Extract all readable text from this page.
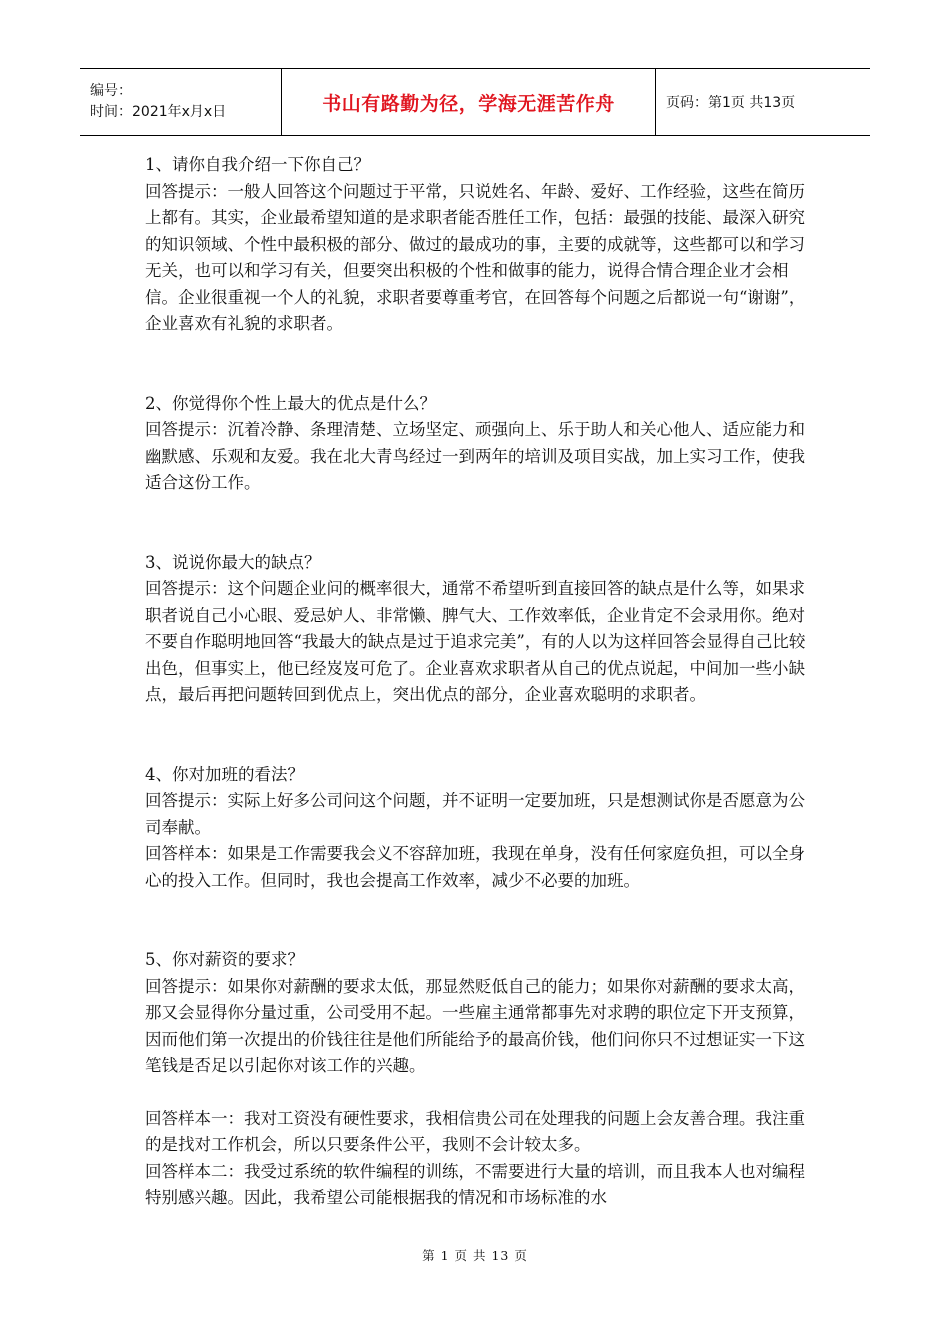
编号：
时间：2021年x月x日	书山有路勤为径，学海无涯苦作舟	页码：第1页 共13页

1、请你自我介绍一下你自己？

回答提示：一般人回答这个问题过于平常，只说姓名、年龄、爱好、工作经验，这些在简历上都有。其实，企业最希望知道的是求职者能否胜任工作，包括：最强的技能、最深入研究的知识领域、个性中最积极的部分、做过的最成功的事，主要的成就等，这些都可以和学习无关，也可以和学习有关，但要突出积极的个性和做事的能力，说得合情合理企业才会相信。企业很重视一个人的礼貌，求职者要尊重考官，在回答每个问题之后都说一句“谢谢”，企业喜欢有礼貌的求职者。

2、你觉得你个性上最大的优点是什么？

回答提示：沉着冷静、条理清楚、立场坚定、顽强向上、乐于助人和关心他人、适应能力和幽默感、乐观和友爱。我在北大青鸟经过一到两年的培训及项目实战，加上实习工作，使我适合这份工作。

3、说说你最大的缺点？

回答提示：这个问题企业问的概率很大，通常不希望听到直接回答的缺点是什么等，如果求职者说自己小心眼、爱忌妒人、非常懒、脾气大、工作效率低，企业肯定不会录用你。绝对不要自作聪明地回答“我最大的缺点是过于追求完美”，有的人以为这样回答会显得自己比较出色，但事实上，他已经岌岌可危了。企业喜欢求职者从自己的优点说起，中间加一些小缺点，最后再把问题转回到优点上，突出优点的部分，企业喜欢聪明的求职者。

4、你对加班的看法？

回答提示：实际上好多公司问这个问题，并不证明一定要加班，只是想测试你是否愿意为公司奉献。

回答样本：如果是工作需要我会义不容辞加班，我现在单身，没有任何家庭负担，可以全身心的投入工作。但同时，我也会提高工作效率，减少不必要的加班。

5、你对薪资的要求？

回答提示：如果你对薪酬的要求太低，那显然贬低自己的能力；如果你对薪酬的要求太高，那又会显得你分量过重，公司受用不起。一些雇主通常都事先对求聘的职位定下开支预算，因而他们第一次提出的价钱往往是他们所能给予的最高价钱，他们问你只不过想证实一下这笔钱是否足以引起你对该工作的兴趣。

回答样本一：我对工资没有硬性要求，我相信贵公司在处理我的问题上会友善合理。我注重的是找对工作机会，所以只要条件公平，我则不会计较太多。

回答样本二：我受过系统的软件编程的训练，不需要进行大量的培训，而且我本人也对编程特别感兴趣。因此，我希望公司能根据我的情况和市场标准的水

第 1 页 共 13 页
